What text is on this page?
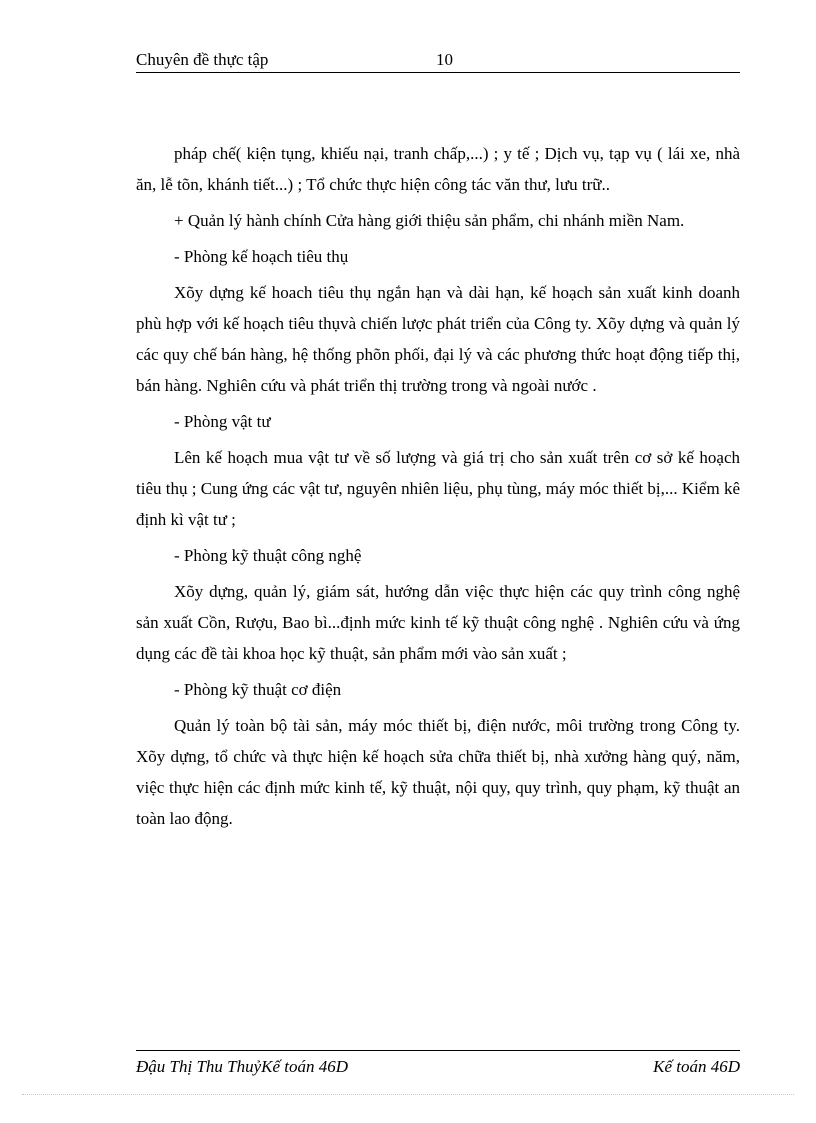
Chuyên đề thực tập	10

pháp chế( kiện tụng, khiếu nại, tranh chấp,...) ; y tế ; Dịch vụ, tạp vụ ( lái xe, nhà ăn, lễ tõn, khánh tiết...) ; Tổ chức thực hiện công tác văn thư, lưu trữ..

+ Quản lý hành chính Cửa hàng giới thiệu sản phẩm, chi nhánh miền Nam.

- Phòng kế hoạch tiêu thụ

Xõy dựng kế hoach tiêu thụ ngắn hạn và dài hạn, kế hoạch sản xuất kinh doanh phù hợp với kế hoạch tiêu thụvà chiến lược phát triển của Công ty. Xõy dựng và quản lý các quy chế bán hàng, hệ thống phõn phối, đại lý và các phương thức hoạt động tiếp thị, bán hàng. Nghiên cứu và phát triển thị trường trong và ngoài nước .

- Phòng vật tư

Lên kế hoạch mua vật tư về số lượng và giá trị cho sản xuất trên cơ sở kế hoạch tiêu thụ ; Cung ứng các vật tư, nguyên nhiên liệu, phụ tùng, máy móc thiết bị,... Kiểm kê định kì vật tư ;

- Phòng kỹ thuật công nghệ

Xõy dựng, quản lý, giám sát, hướng dẫn việc thực hiện các quy trình công nghệ sản xuất Cồn, Rượu, Bao bì...định mức kinh tế kỹ thuật công nghệ . Nghiên cứu và ứng dụng các đề tài khoa học kỹ thuật, sản phẩm mới vào sản xuất ;

- Phòng kỹ thuật cơ điện

Quản lý toàn bộ tài sản, máy móc thiết bị, điện nước, môi trường trong Công ty. Xõy dựng, tổ chức và thực hiện kế hoạch sửa chữa thiết bị, nhà xưởng hàng quý, năm, việc thực hiện các định mức kinh tế, kỹ thuật, nội quy, quy trình, quy phạm, kỹ thuật an toàn lao động.

Đậu Thị Thu ThuỷKế toán 46D	Kế toán 46D
